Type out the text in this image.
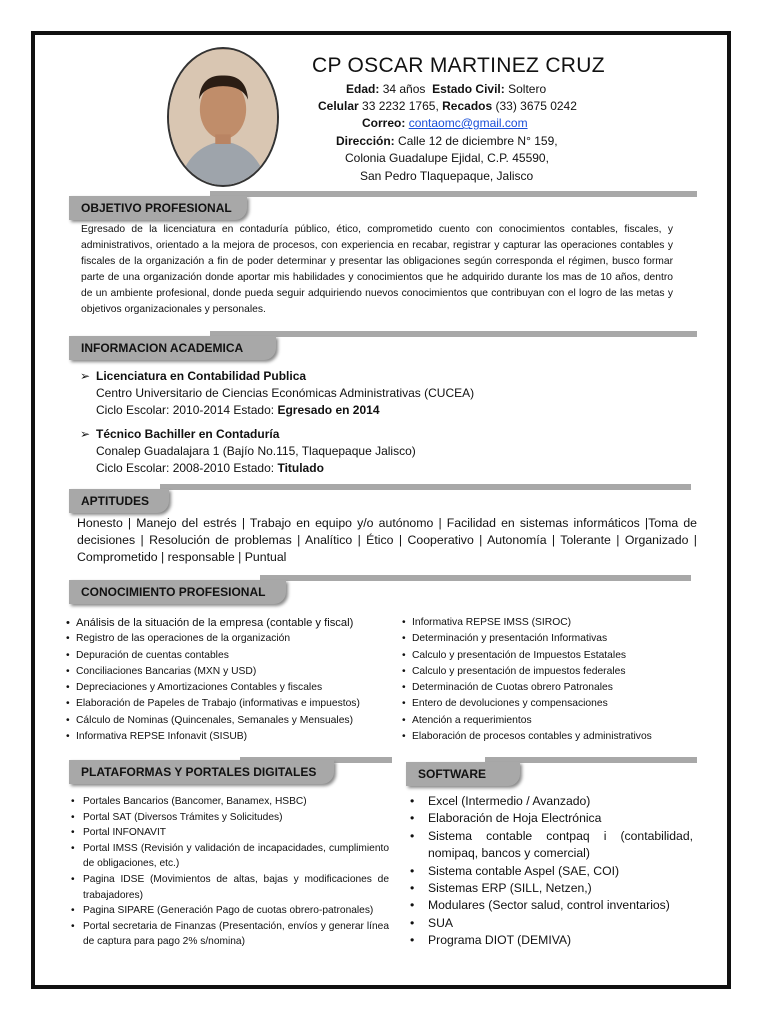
CP OSCAR MARTINEZ CRUZ
Edad: 34 años Estado Civil: Soltero
Celular 33 2232 1765, Recados (33) 3675 0242
Correo: contaomc@gmail.com
Dirección: Calle 12 de diciembre N° 159,
Colonia Guadalupe Ejidal, C.P. 45590,
San Pedro Tlaquepaque, Jalisco
OBJETIVO PROFESIONAL
Egresado de la licenciatura en contaduría público, ético, comprometido cuento con conocimientos contables, fiscales, y administrativos, orientado a la mejora de procesos, con experiencia en recabar, registrar y capturar las operaciones contables y fiscales de la organización a fin de poder determinar y presentar las obligaciones según corresponda el régimen, busco formar parte de una organización donde aportar mis habilidades y conocimientos que he adquirido durante los mas de 10 años, dentro de un ambiente profesional, donde pueda seguir adquiriendo nuevos conocimientos que contribuyan con el logro de las metas y objetivos organizacionales y personales.
INFORMACION ACADEMICA
➢ Licenciatura en Contabilidad Publica
Centro Universitario de Ciencias Económicas Administrativas (CUCEA)
Ciclo Escolar: 2010-2014 Estado: Egresado en 2014
➢ Técnico Bachiller en Contaduría
Conalep Guadalajara 1 (Bajío No.115, Tlaquepaque Jalisco)
Ciclo Escolar: 2008-2010 Estado: Titulado
APTITUDES
Honesto | Manejo del estrés | Trabajo en equipo y/o autónomo | Facilidad en sistemas informáticos |Toma de decisiones | Resolución de problemas | Analítico | Ético | Cooperativo | Autonomía | Tolerante | Organizado | Comprometido | responsable | Puntual
CONOCIMIENTO PROFESIONAL
• Análisis de la situación de la empresa (contable y fiscal)
• Registro de las operaciones de la organización
• Depuración de cuentas contables
• Conciliaciones Bancarias (MXN y USD)
• Depreciaciones y Amortizaciones Contables y fiscales
• Elaboración de Papeles de Trabajo (informativas e impuestos)
• Cálculo de Nominas (Quincenales, Semanales y Mensuales)
• Informativa REPSE Infonavit (SISUB)
• Informativa REPSE IMSS (SIROC)
• Determinación y presentación Informativas
• Calculo y presentación de Impuestos Estatales
• Calculo y presentación de impuestos federales
• Determinación de Cuotas obrero Patronales
• Entero de devoluciones y compensaciones
• Atención a requerimientos
• Elaboración de procesos contables y administrativos
PLATAFORMAS Y PORTALES DIGITALES
• Portales Bancarios (Bancomer, Banamex, HSBC)
• Portal SAT (Diversos Trámites y Solicitudes)
• Portal INFONAVIT
• Portal IMSS (Revisión y validación de incapacidades, cumplimiento de obligaciones, etc.)
• Pagina IDSE (Movimientos de altas, bajas y modificaciones de trabajadores)
• Pagina SIPARE (Generación Pago de cuotas obrero-patronales)
• Portal secretaria de Finanzas (Presentación, envíos y generar línea de captura para pago 2% s/nomina)
SOFTWARE
• Excel (Intermedio / Avanzado)
• Elaboración de Hoja Electrónica
• Sistema contable contpaq i (contabilidad, nomipaq, bancos y comercial)
• Sistema contable Aspel (SAE, COI)
• Sistemas ERP (SILL, Netzen,)
• Modulares (Sector salud, control inventarios)
• SUA
• Programa DIOT (DEMIVA)
